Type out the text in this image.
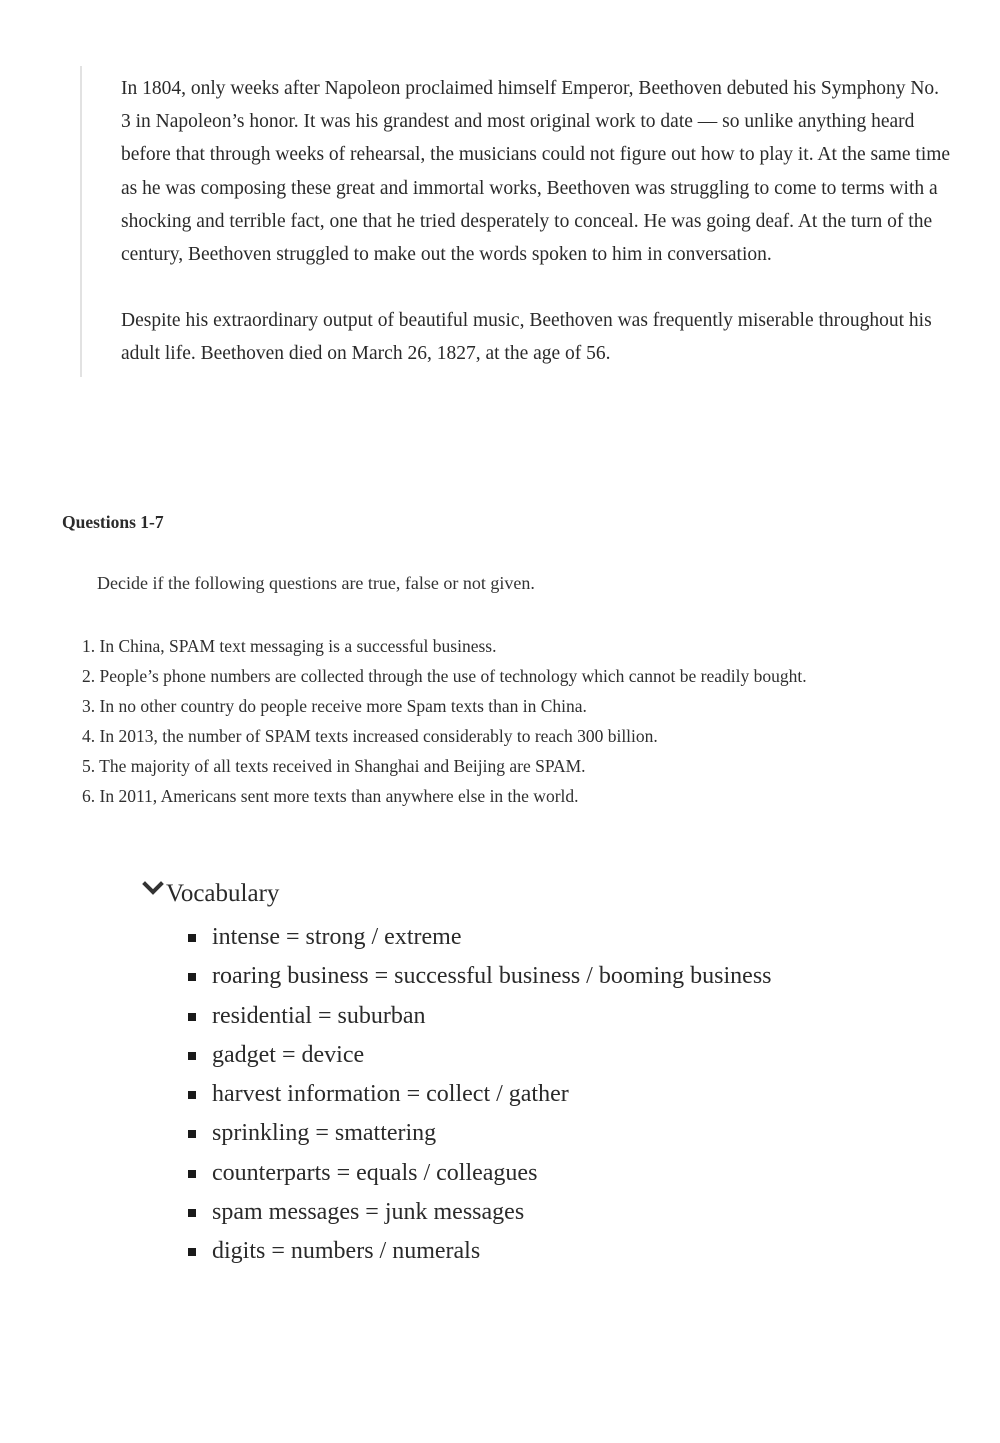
In 1804, only weeks after Napoleon proclaimed himself Emperor, Beethoven debuted his Symphony No. 3 in Napoleon’s honor. It was his grandest and most original work to date — so unlike anything heard before that through weeks of rehearsal, the musicians could not figure out how to play it. At the same time as he was composing these great and immortal works, Beethoven was struggling to come to terms with a shocking and terrible fact, one that he tried desperately to conceal. He was going deaf. At the turn of the century, Beethoven struggled to make out the words spoken to him in conversation.

Despite his extraordinary output of beautiful music, Beethoven was frequently miserable throughout his adult life. Beethoven died on March 26, 1827, at the age of 56.

Questions 1-7

Decide if the following questions are true, false or not given.

1. In China, SPAM text messaging is a successful business.
2. People’s phone numbers are collected through the use of technology which cannot be readily bought.
3. In no other country do people receive more Spam texts than in China.
4. In 2013, the number of SPAM texts increased considerably to reach 300 billion.
5. The majority of all texts received in Shanghai and Beijing are SPAM.
6. In 2011, Americans sent more texts than anywhere else in the world.
Vocabulary
intense = strong / extreme
roaring business = successful business / booming business
residential = suburban
gadget = device
harvest information = collect / gather
sprinkling = smattering
counterparts = equals / colleagues
spam messages = junk messages
digits = numbers / numerals
